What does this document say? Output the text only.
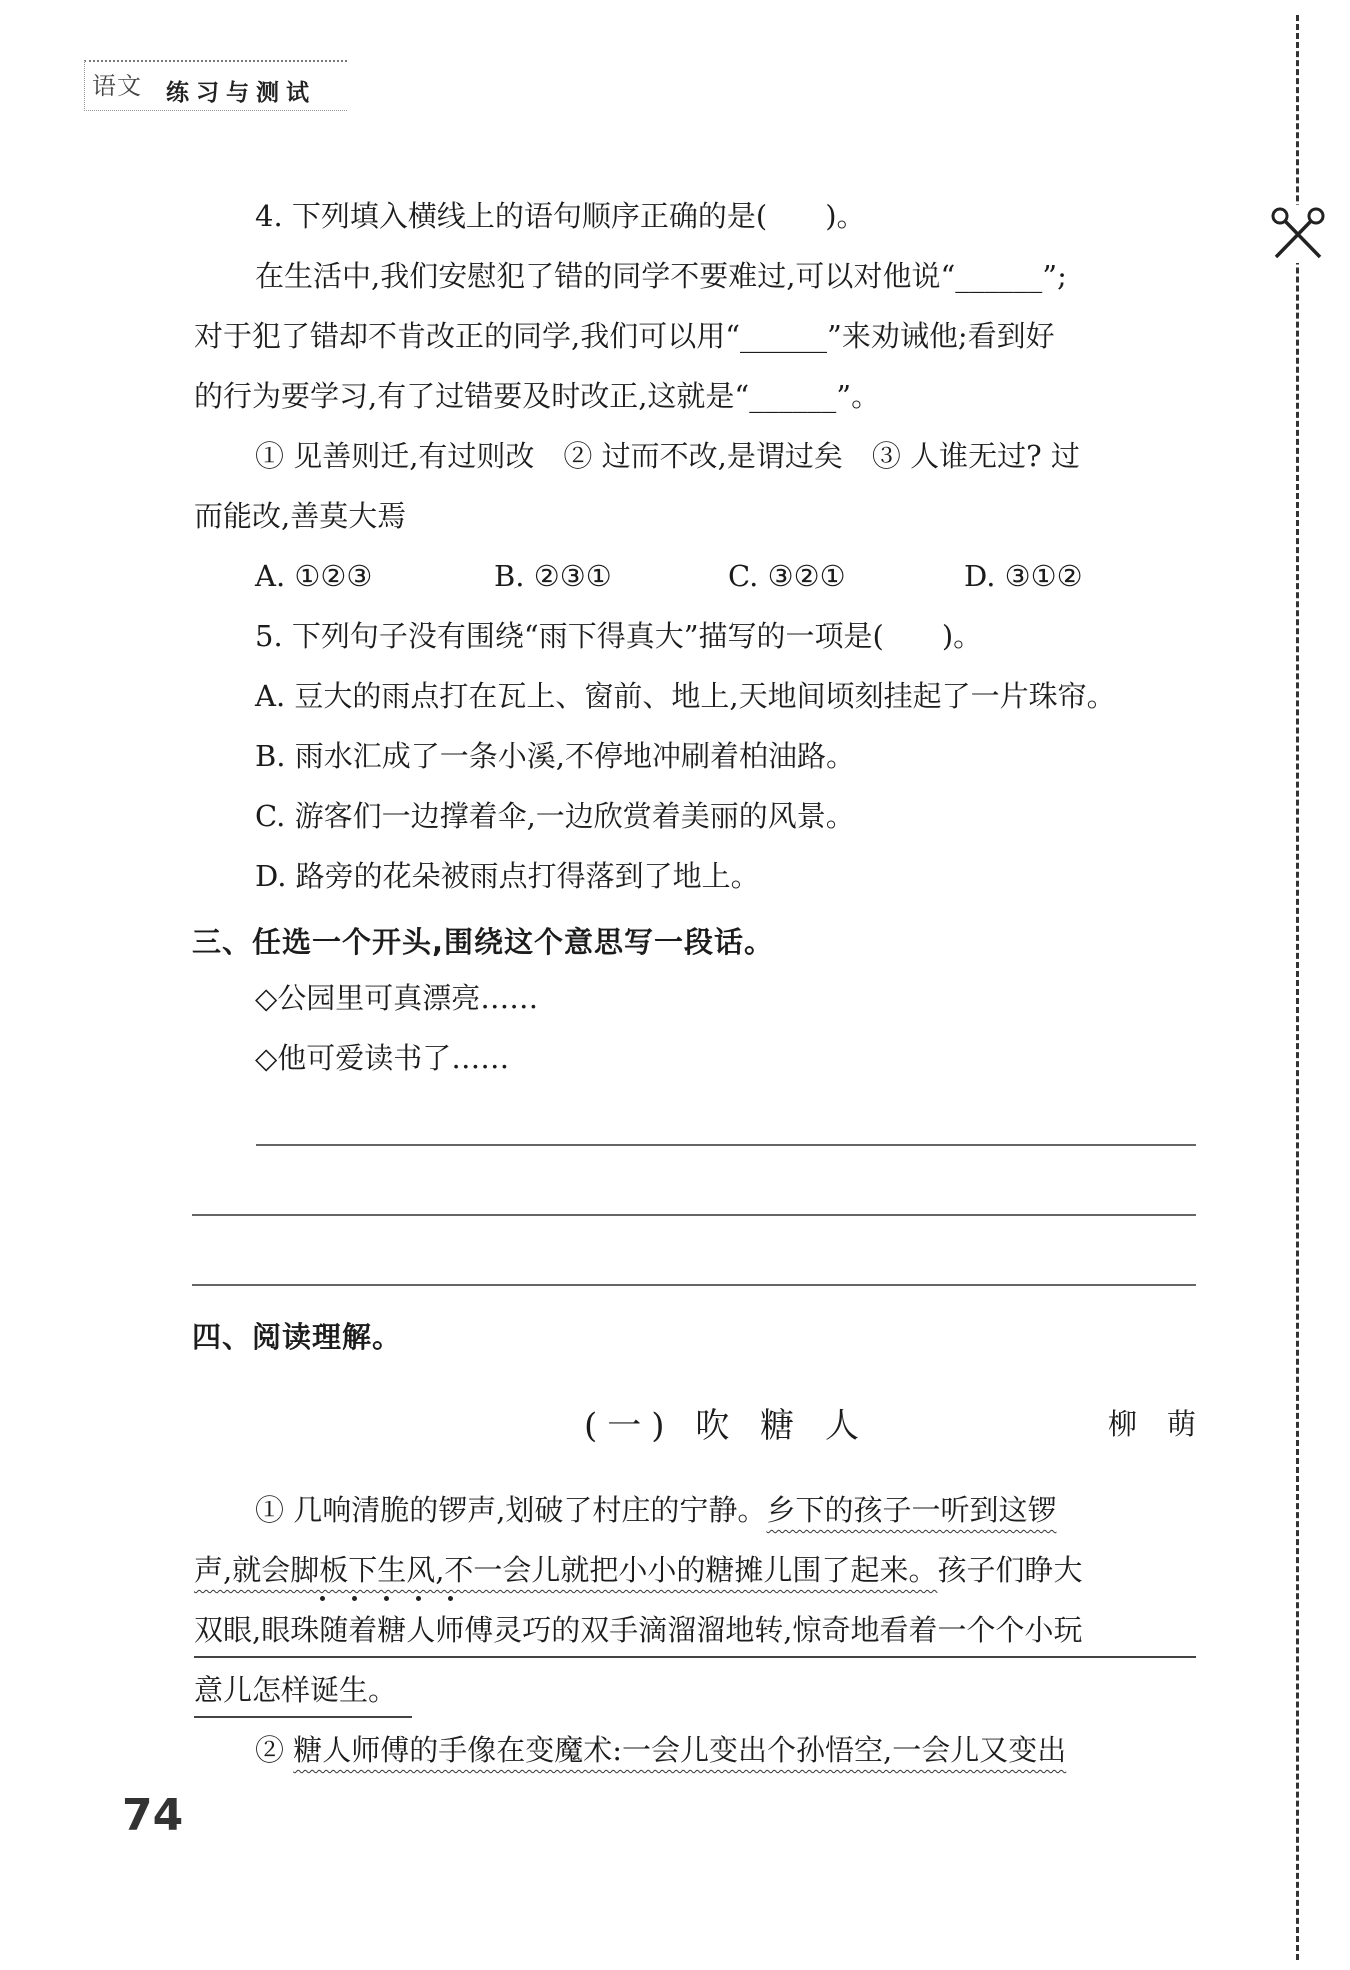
语文 练习与测试
4. 下列填入横线上的语句顺序正确的是(　　)。
在生活中,我们安慰犯了错的同学不要难过,可以对他说“______”;
对于犯了错却不肯改正的同学,我们可以用“______”来劝诫他;看到好
的行为要学习,有了过错要及时改正,这就是“______”。
① 见善则迁,有过则改　② 过而不改,是谓过矣　③ 人谁无过? 过
而能改,善莫大焉
A. ①②③	B. ②③①	C. ③②①	D. ③①②
5. 下列句子没有围绕“雨下得真大”描写的一项是(　　)。
A. 豆大的雨点打在瓦上、窗前、地上,天地间顷刻挂起了一片珠帘。
B. 雨水汇成了一条小溪,不停地冲刷着柏油路。
C. 游客们一边撑着伞,一边欣赏着美丽的风景。
D. 路旁的花朵被雨点打得落到了地上。
三、任选一个开头,围绕这个意思写一段话。
◇公园里可真漂亮……
◇他可爱读书了……
四、阅读理解。
(一) 吹 糖 人	柳萌
① 几响清脆的锣声,划破了村庄的宁静。乡下的孩子一听到这锣
声,就会脚板下生风,不一会儿就把小小的糖摊儿围了起来。孩子们睁大
双眼,眼珠随着糖人师傅灵巧的双手滴溜溜地转,惊奇地看着一个个小玩
意儿怎样诞生。
② 糖人师傅的手像在变魔术:一会儿变出个孙悟空,一会儿又变出
74
